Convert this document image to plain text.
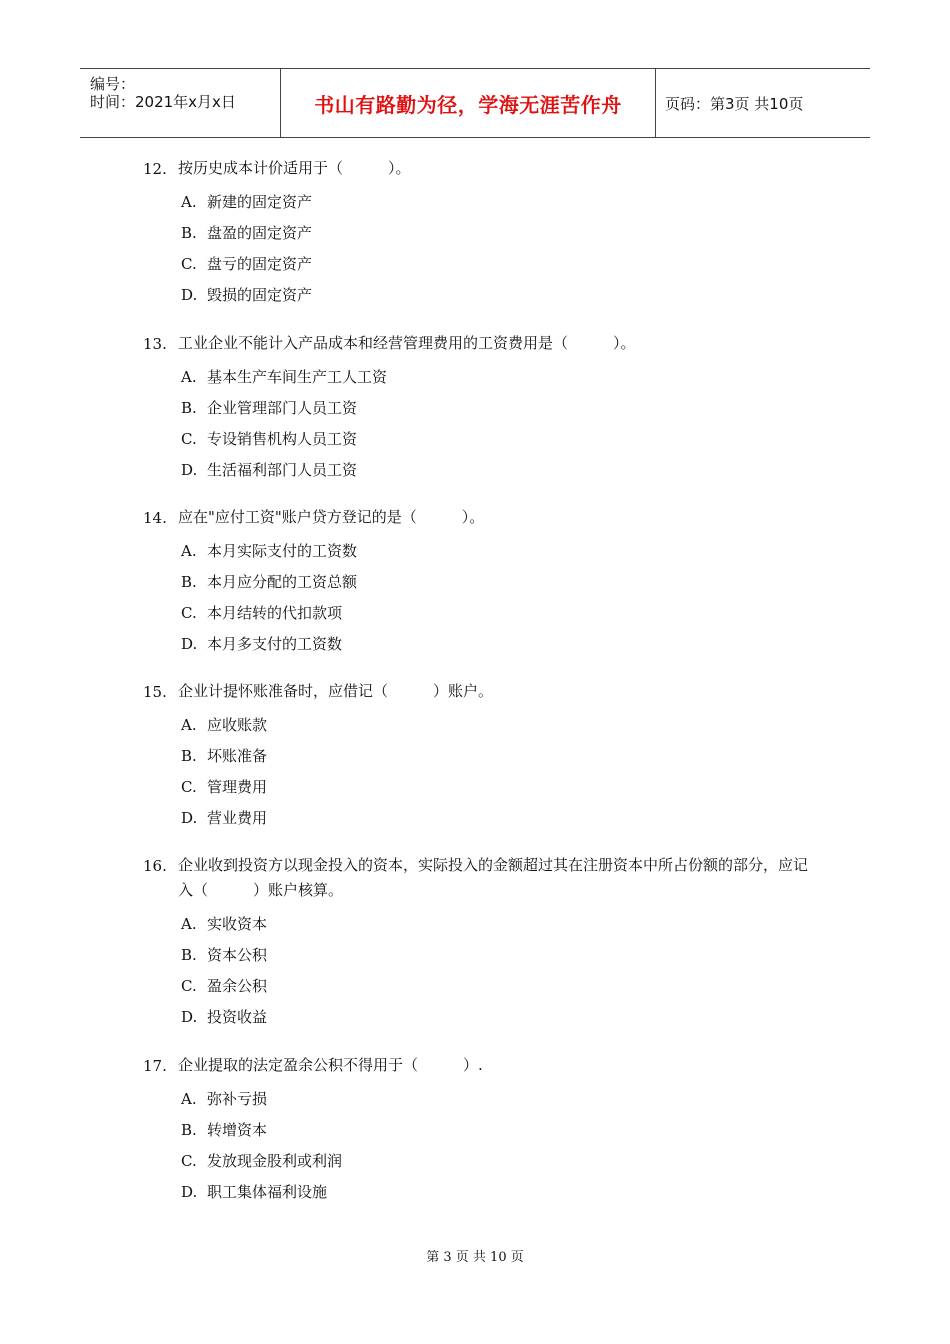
编号：
时间：2021年x月x日	书山有路勤为径，学海无涯苦作舟	页码：第3页 共10页
12. 按历史成本计价适用于（　　　）。
A. 新建的固定资产
B. 盘盈的固定资产
C. 盘亏的固定资产
D. 毁损的固定资产
13. 工业企业不能计入产品成本和经营管理费用的工资费用是（　　　）。
A. 基本生产车间生产工人工资
B. 企业管理部门人员工资
C. 专设销售机构人员工资
D. 生活福利部门人员工资
14. 应在"应付工资"账户贷方登记的是（　　　）。
A. 本月实际支付的工资数
B. 本月应分配的工资总额
C. 本月结转的代扣款项
D. 本月多支付的工资数
15. 企业计提怀账准备时，应借记（　　　）账户。
A. 应收账款
B. 坏账准备
C. 管理费用
D. 营业费用
16. 企业收到投资方以现金投入的资本，实际投入的金额超过其在注册资本中所占份额的部分，应记入（　　　）账户核算。
A. 实收资本
B. 资本公积
C. 盈余公积
D. 投资收益
17. 企业提取的法定盈余公积不得用于（　　　）.
A. 弥补亏损
B. 转增资本
C. 发放现金股利或利润
D. 职工集体福利设施
第 3 页 共 10 页
